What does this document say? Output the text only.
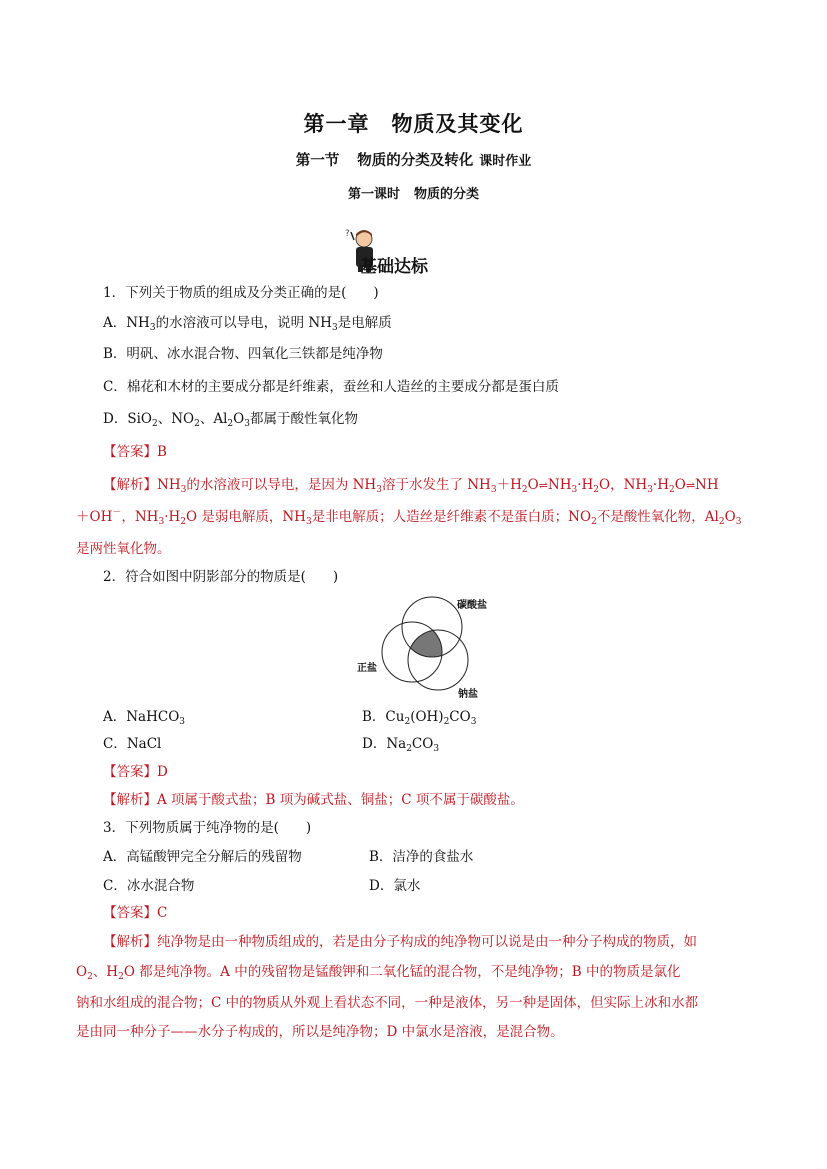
第一章 物质及其变化
第一节 物质的分类及转化 课时作业
第一课时 物质的分类
?
基础达标
1．下列关于物质的组成及分类正确的是(　　)
A．$NH_3$的水溶液可以导电，说明 $NH_3$是电解质
B．明矾、冰水混合物、四氧化三铁都是纯净物
C．棉花和木材的主要成分都是纤维素，蚕丝和人造丝的主要成分都是蛋白质
D．SiO$_2$、$NO_2$、$Al_2O_3$都属于酸性氧化物
【答案】B
【解析】$NH_3$的水溶液可以导电，是因为 $NH_3$溶于水发生了 $NH_3+H_2O\rightleftharpoons NH_3\cdot H_2O$，$NH_3\cdot H_2O\rightleftharpoons NH$
＋OH－，$NH_3\cdot H_2O$ 是弱电解质，$NH_3$是非电解质；人造丝是纤维素不是蛋白质；$NO_2$不是酸性氧化物，$Al_2O_3$
是两性氧化物。
2．符合如图中阴影部分的物质是(　　)
碳酸盐
正盐
钠盐
A．NaHCO$_3$	B．$Cu_2(OH)_2CO_3$
C．NaCl	D．$Na_2CO_3$
【答案】D
【解析】A 项属于酸式盐；B 项为碱式盐、铜盐；C 项不属于碳酸盐。
3．下列物质属于纯净物的是(　　)
A．高锰酸钾完全分解后的残留物	B．洁净的食盐水
C．冰水混合物	D．氯水
【答案】C
【解析】纯净物是由一种物质组成的，若是由分子构成的纯净物可以说是由一种分子构成的物质，如
$O_2$、$H_2O$ 都是纯净物。A 中的残留物是锰酸钾和二氧化锰的混合物，不是纯净物；B 中的物质是氯化
钠和水组成的混合物；C 中的物质从外观上看状态不同，一种是液体，另一种是固体，但实际上冰和水都
是由同一种分子——水分子构成的，所以是纯净物；D 中氯水是溶液，是混合物。
